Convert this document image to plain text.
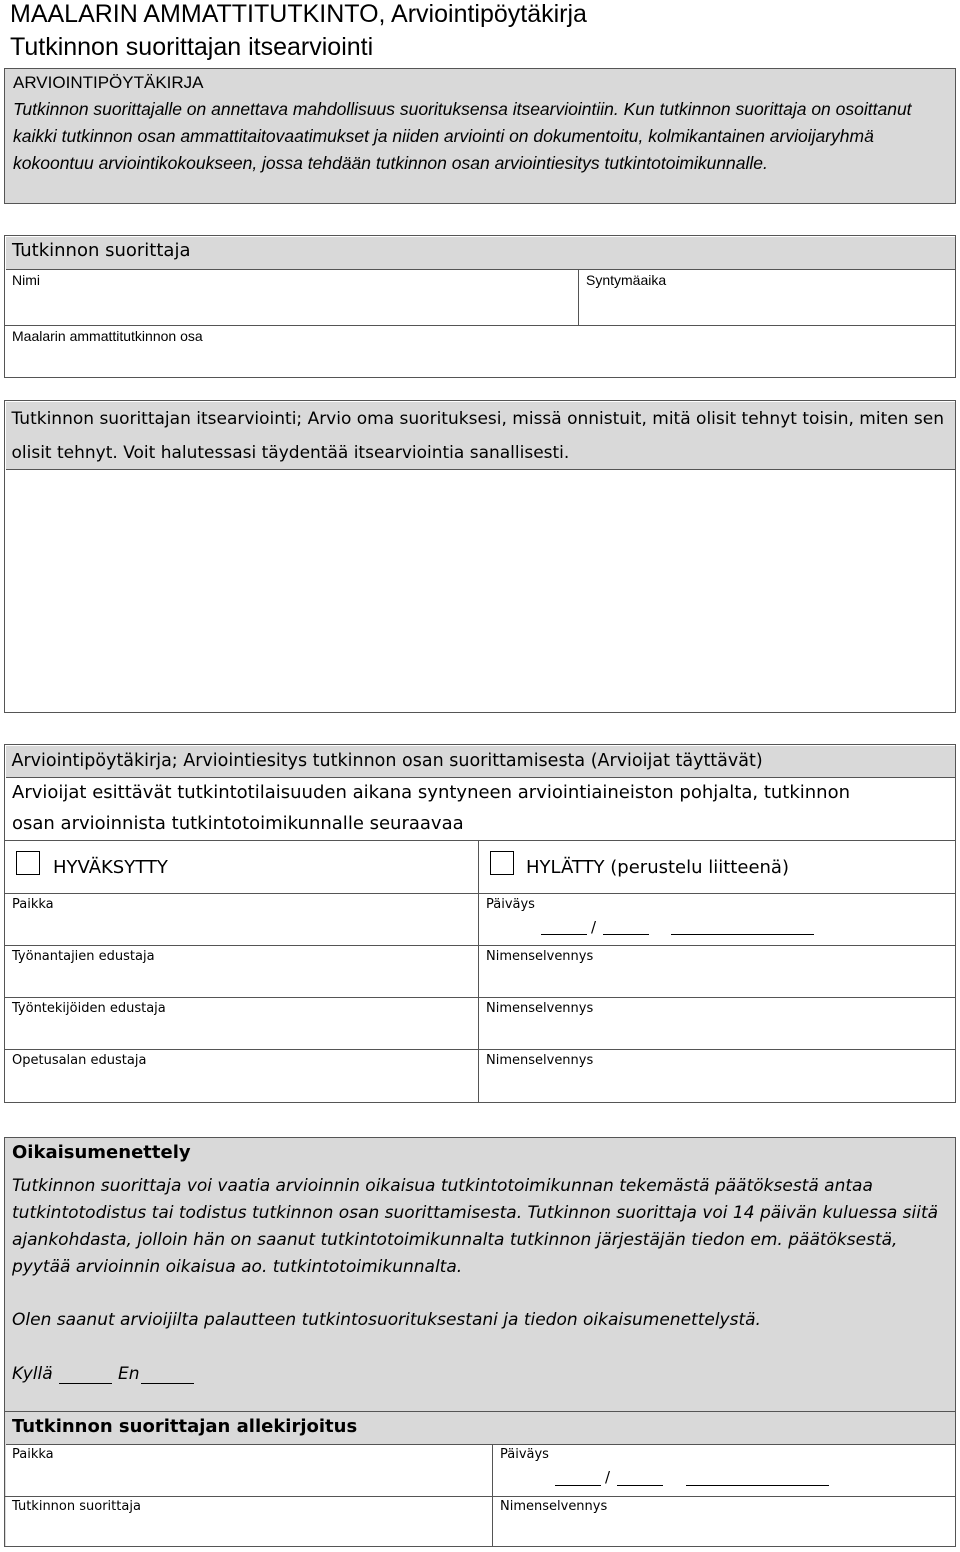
MAALARIN AMMATTITUTKINTO, Arviointipöytäkirja
Tutkinnon suorittajan itsearviointi
ARVIOINTIPÖYTÄKIRJA
Tutkinnon suorittajalle on annettava mahdollisuus suorituksensa itsearviointiin. Kun tutkinnon suorittaja on osoittanut kaikki tutkinnon osan ammattitaitovaatimukset ja niiden arviointi on dokumentoitu, kolmikantainen arvioijaryhmä kokoontuu arviointikokoukseen, jossa tehdään tutkinnon osan arviointiesitys tutkintotoimikunnalle.
Tutkinnon suorittaja
Nimi	Syntymäaika
Maalarin ammattitutkinnon osa
Tutkinnon suorittajan itsearviointi; Arvio oma suorituksesi, missä onnistuit, mitä olisit tehnyt toisin, miten sen olisit tehnyt. Voit halutessasi täydentää itsearviointia sanallisesti.
Arviointipöytäkirja; Arviointiesitys tutkinnon osan suorittamisesta (Arvioijat täyttävät)
Arvioijat esittävät tutkintotilaisuuden aikana syntyneen arviointiaineiston pohjalta, tutkinnon osan arvioinnista tutkintotoimikunnalle seuraavaa
HYVÄKSYTTY	HYLÄTTY (perustelu liitteenä)
Paikka	Päiväys
/
Työnantajien edustaja	Nimenselvennys
Työntekijöiden edustaja	Nimenselvennys
Opetusalan edustaja	Nimenselvennys
Oikaisumenettely
Tutkinnon suorittaja voi vaatia arvioinnin oikaisua tutkintotoimikunnan tekemästä päätöksestä antaa tutkintotodistus tai todistus tutkinnon osan suorittamisesta. Tutkinnon suorittaja voi 14 päivän kuluessa siitä ajankohdasta, jolloin hän on saanut tutkintotoimikunnalta tutkinnon järjestäjän tiedon em. päätöksestä, pyytää arvioinnin oikaisua ao. tutkintotoimikunnalta.
Olen saanut arvioijilta palautteen tutkintosuorituksestani ja tiedon oikaisumenettelystä.
Kyllä	En
Tutkinnon suorittajan allekirjoitus
Paikka	Päiväys
/
Tutkinnon suorittaja	Nimenselvennys
